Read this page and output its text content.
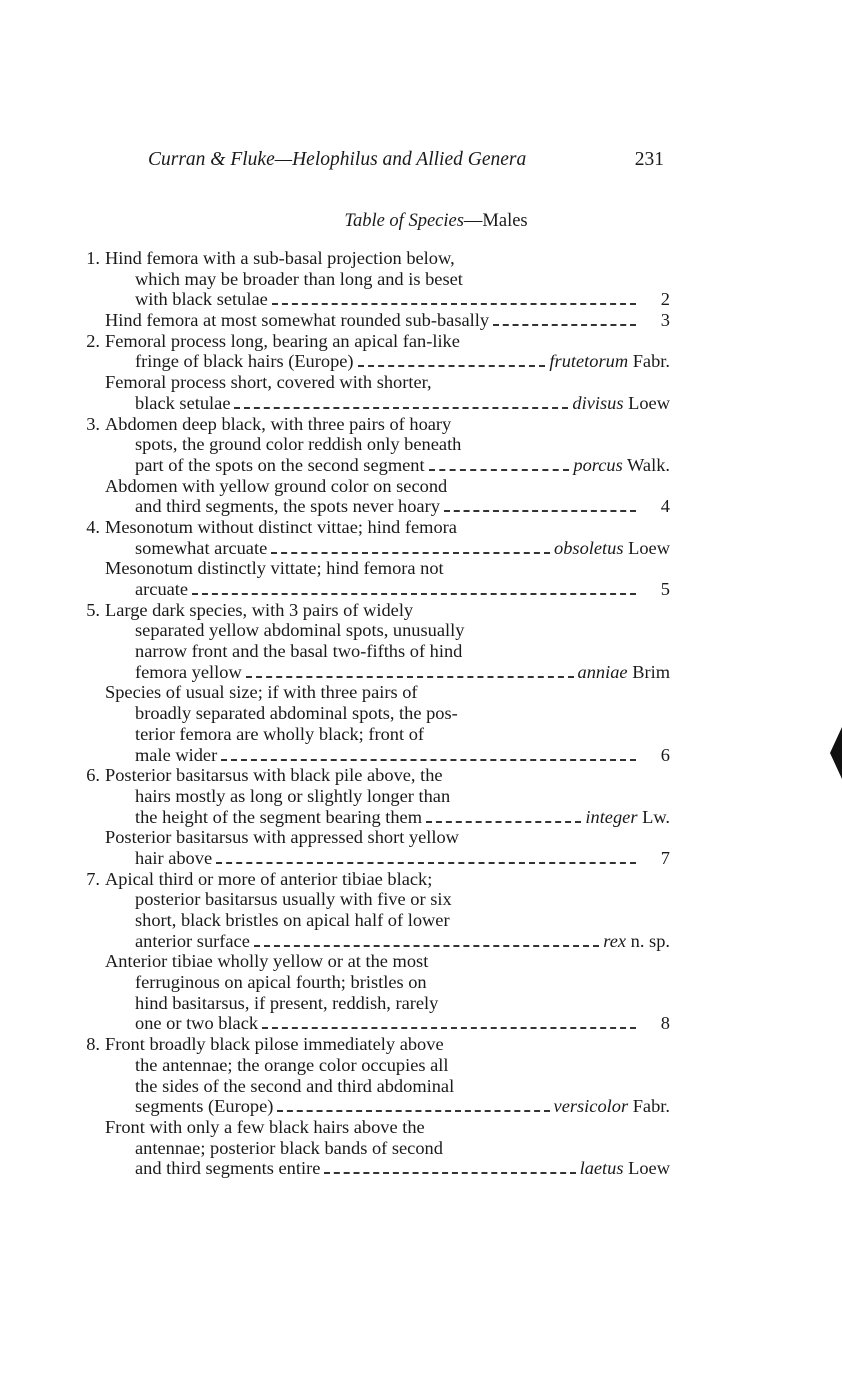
Curran & Fluke—Helophilus and Allied Genera	231
Table of Species—Males
1. Hind femora with a sub-basal projection below,
which may be broader than long and is beset
with black setulae	2
Hind femora at most somewhat rounded sub-basally	3
2. Femoral process long, bearing an apical fan-like
fringe of black hairs (Europe)	frutetorum Fabr.
Femoral process short, covered with shorter,
black setulae	divisus Loew
3. Abdomen deep black, with three pairs of hoary
spots, the ground color reddish only beneath
part of the spots on the second segment	porcus Walk.
Abdomen with yellow ground color on second
and third segments, the spots never hoary	4
4. Mesonotum without distinct vittae; hind femora
somewhat arcuate	obsoletus Loew
Mesonotum distinctly vittate; hind femora not
arcuate	5
5. Large dark species, with 3 pairs of widely
separated yellow abdominal spots, unusually
narrow front and the basal two-fifths of hind
femora yellow	anniae Brim
Species of usual size; if with three pairs of
broadly separated abdominal spots, the pos-
terior femora are wholly black; front of
male wider	6
6. Posterior basitarsus with black pile above, the
hairs mostly as long or slightly longer than
the height of the segment bearing them	integer Lw.
Posterior basitarsus with appressed short yellow
hair above	7
7. Apical third or more of anterior tibiae black;
posterior basitarsus usually with five or six
short, black bristles on apical half of lower
anterior surface	rex n. sp.
Anterior tibiae wholly yellow or at the most
ferruginous on apical fourth; bristles on
hind basitarsus, if present, reddish, rarely
one or two black	8
8. Front broadly black pilose immediately above
the antennae; the orange color occupies all
the sides of the second and third abdominal
segments (Europe)	versicolor Fabr.
Front with only a few black hairs above the
antennae; posterior black bands of second
and third segments entire	laetus Loew
